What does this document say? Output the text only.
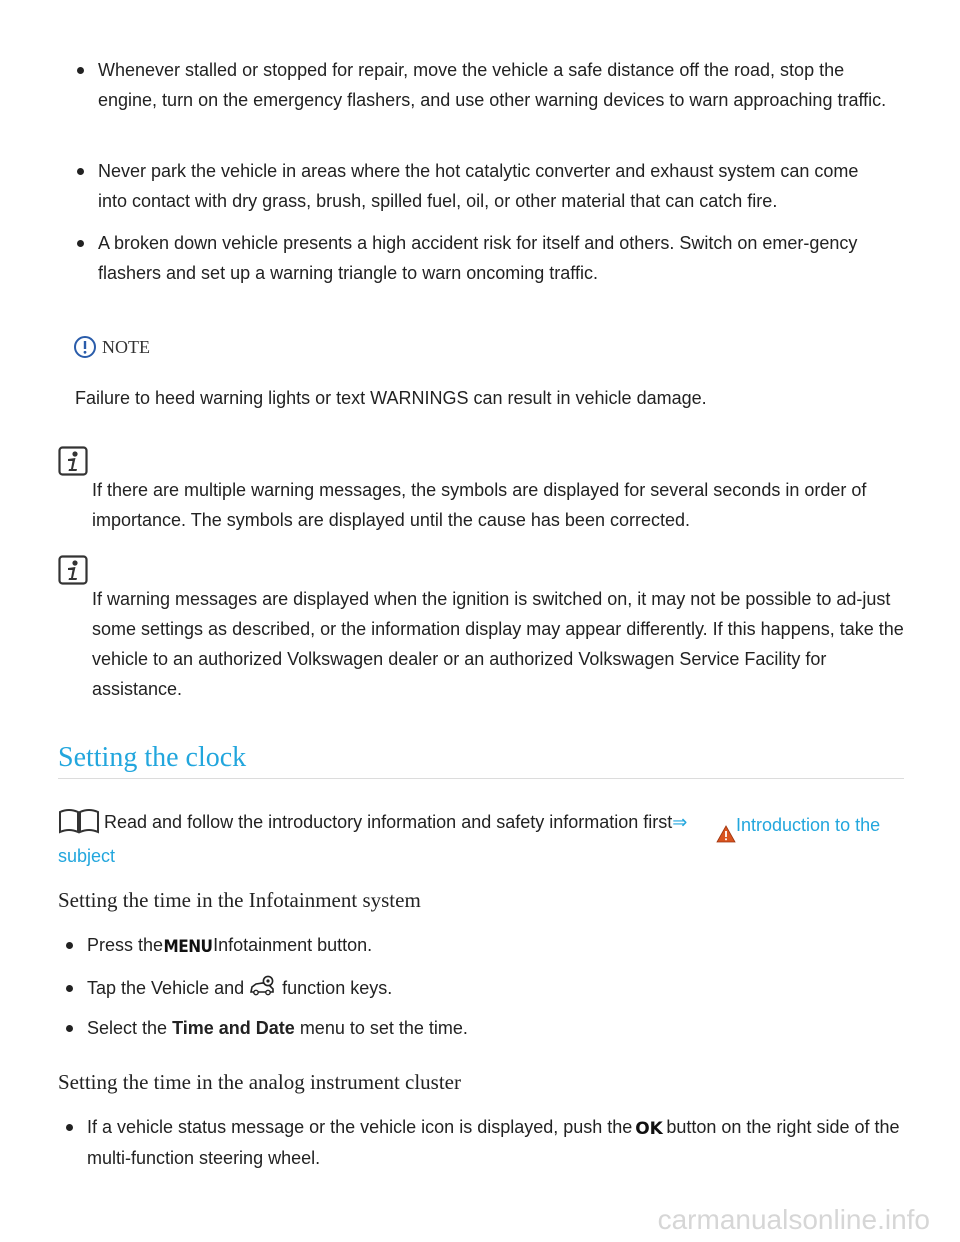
Whenever stalled or stopped for repair, move the vehicle a safe distance off the road, stop the engine, turn on the emergency flashers, and use other warning devices to warn approaching traffic.
Never park the vehicle in areas where the hot catalytic converter and exhaust system can come into contact with dry grass, brush, spilled fuel, oil, or other material that can catch fire.
A broken down vehicle presents a high accident risk for itself and others. Switch on emer-gency flashers and set up a warning triangle to warn oncoming traffic.
NOTE
Failure to heed warning lights or text WARNINGS can result in vehicle damage.
If there are multiple warning messages, the symbols are displayed for several seconds in order of importance. The symbols are displayed until the cause has been corrected.
If warning messages are displayed when the ignition is switched on, it may not be possible to ad-just some settings as described, or the information display may appear differently. If this happens, take the vehicle to an authorized Volkswagen dealer or an authorized Volkswagen Service Facility for assistance.
Setting the clock
Read and follow the introductory information and safety information first⇒	Introduction to the subject
Setting the time in the Infotainment system
Press the MENU Infotainment button.
Tap the Vehicle and function keys.
Select the Time and Date menu to set the time.
Setting the time in the analog instrument cluster
If a vehicle status message or the vehicle icon is displayed, push the OK button on the right side of the multi-function steering wheel.
carmanualsonline.info
